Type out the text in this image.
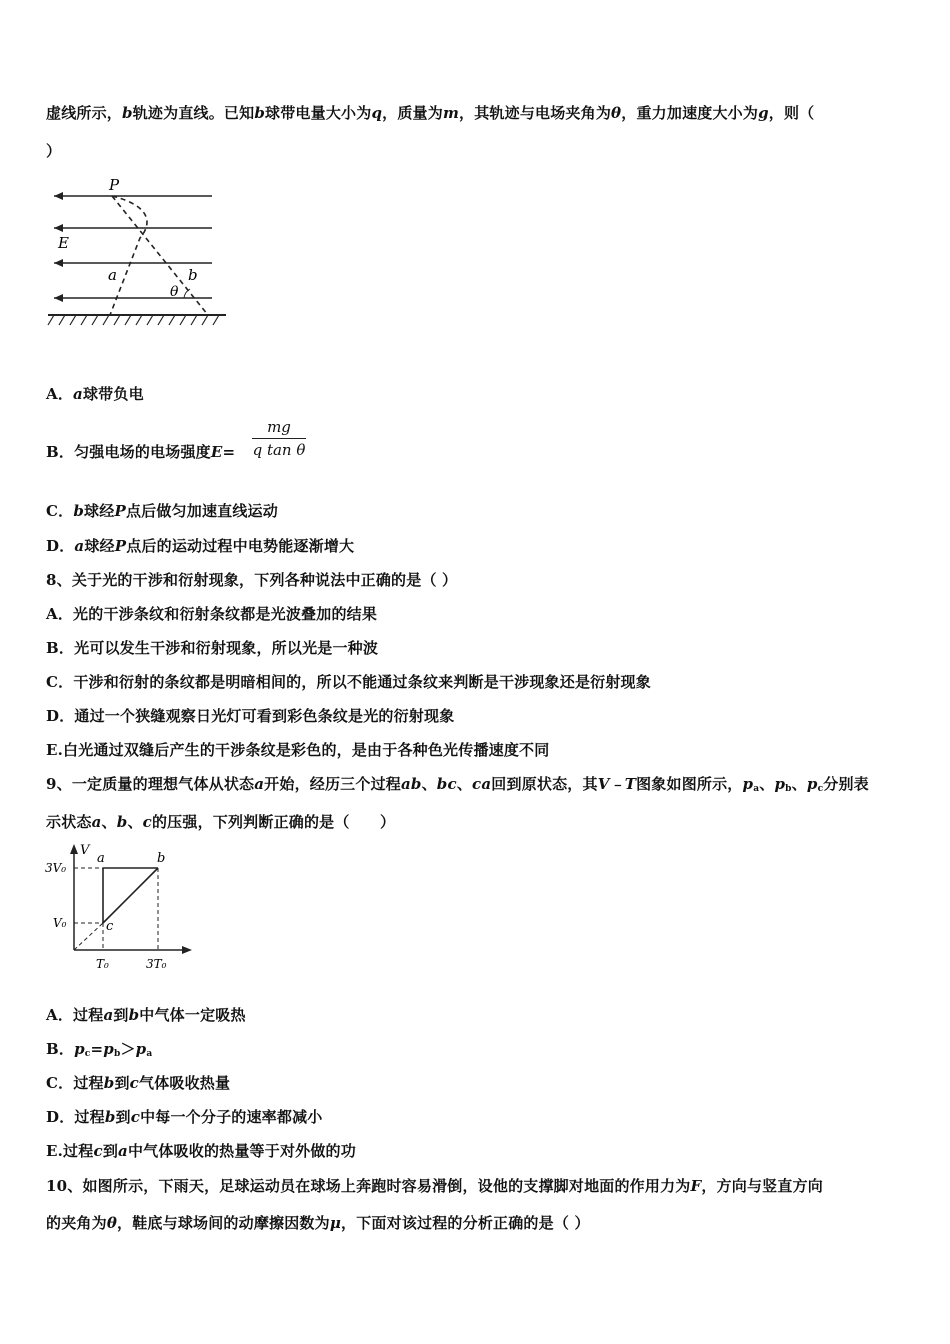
虚线所示，b轨迹为直线。已知b球带电量大小为q，质量为m，其轨迹与电场夹角为θ，重力加速度大小为g，则（
）
P
E
a	b
θ
A．a球带负电
B．匀强电场的电场强度E=
mg
q tan θ
C．b球经P点后做匀加速直线运动
D．a球经P点后的运动过程中电势能逐渐增大
8、关于光的干涉和衍射现象，下列各种说法中正确的是（ ）
A．光的干涉条纹和衍射条纹都是光波叠加的结果
B．光可以发生干涉和衍射现象，所以光是一种波
C．干涉和衍射的条纹都是明暗相间的，所以不能通过条纹来判断是干涉现象还是衍射现象
D．通过一个狭缝观察日光灯可看到彩色条纹是光的衍射现象
E.白光通过双缝后产生的干涉条纹是彩色的，是由于各种色光传播速度不同
9、一定质量的理想气体从状态a开始，经历三个过程ab、bc、ca回到原状态，其V﹣T图象如图所示，$p_a$、$p_b$、$p_c$分别表
示状态a、b、c的压强，下列判断正确的是（　　）
V
3V₀
V₀
T₀	3T₀
a	b
c
A．过程a到b中气体一定吸热
B．$p_c=p_b>p_a$
C．过程b到c气体吸收热量
D．过程b到c中每一个分子的速率都减小
E.过程c到a中气体吸收的热量等于对外做的功
10、如图所示，下雨天，足球运动员在球场上奔跑时容易滑倒，设他的支撑脚对地面的作用力为F，方向与竖直方向
的夹角为θ，鞋底与球场间的动摩擦因数为μ，下面对该过程的分析正确的是（ ）
